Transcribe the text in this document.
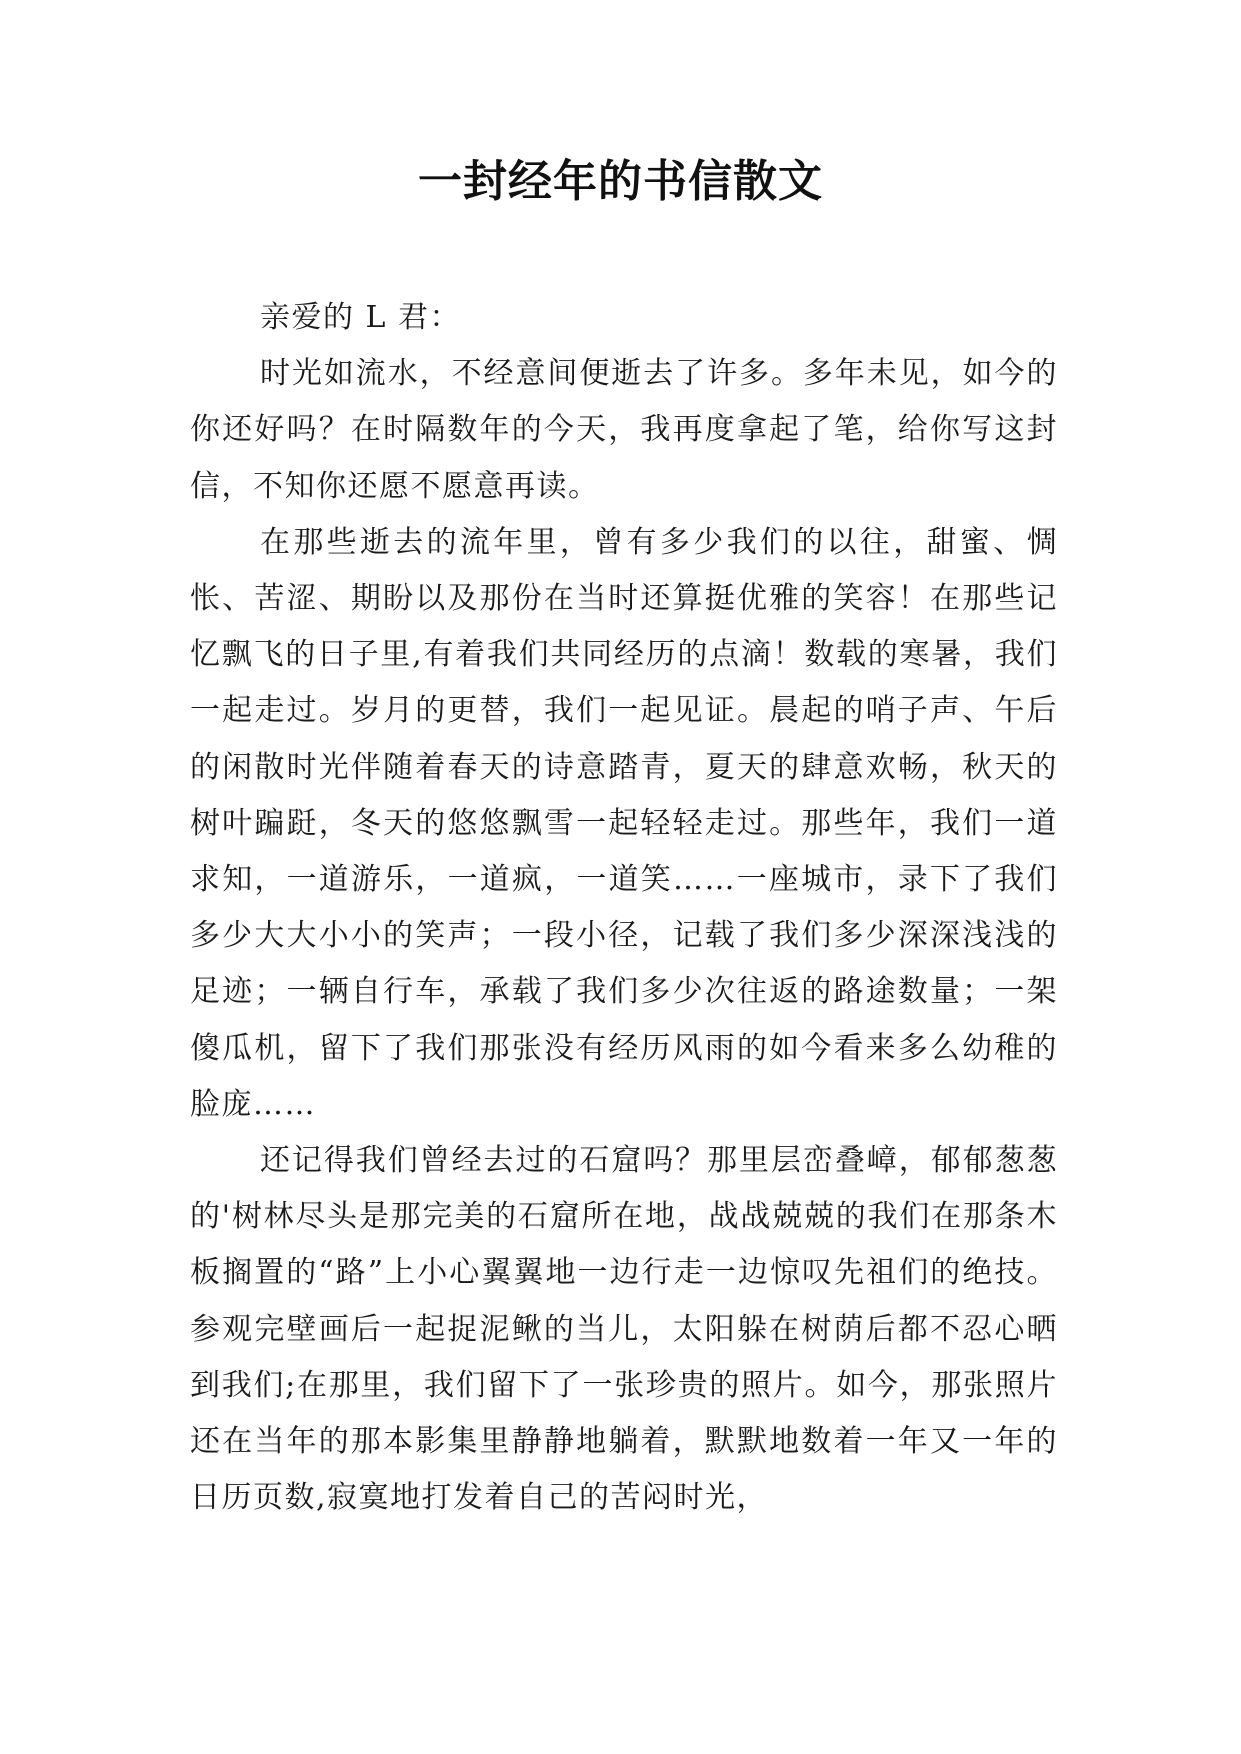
一封经年的书信散文

亲爱的 L 君：

时光如流水，不经意间便逝去了许多。多年未见，如今的你还好吗？在时隔数年的今天，我再度拿起了笔，给你写这封信，不知你还愿不愿意再读。

在那些逝去的流年里，曾有多少我们的以往，甜蜜、惆怅、苦涩、期盼以及那份在当时还算挺优雅的笑容！在那些记忆飘飞的日子里,有着我们共同经历的点滴！数载的寒暑，我们一起走过。岁月的更替，我们一起见证。晨起的哨子声、午后的闲散时光伴随着春天的诗意踏青，夏天的肆意欢畅，秋天的树叶蹁跹，冬天的悠悠飘雪一起轻轻走过。那些年，我们一道求知，一道游乐，一道疯，一道笑……一座城市，录下了我们多少大大小小的笑声；一段小径，记载了我们多少深深浅浅的足迹；一辆自行车，承载了我们多少次往返的路途数量；一架傻瓜机，留下了我们那张没有经历风雨的如今看来多么幼稚的脸庞……

还记得我们曾经去过的石窟吗？那里层峦叠嶂，郁郁葱葱的'树林尽头是那完美的石窟所在地，战战兢兢的我们在那条木板搁置的“路”上小心翼翼地一边行走一边惊叹先祖们的绝技。参观完壁画后一起捉泥鳅的当儿，太阳躲在树荫后都不忍心晒到我们;在那里，我们留下了一张珍贵的照片。如今，那张照片还在当年的那本影集里静静地躺着，默默地数着一年又一年的日历页数,寂寞地打发着自己的苦闷时光，
